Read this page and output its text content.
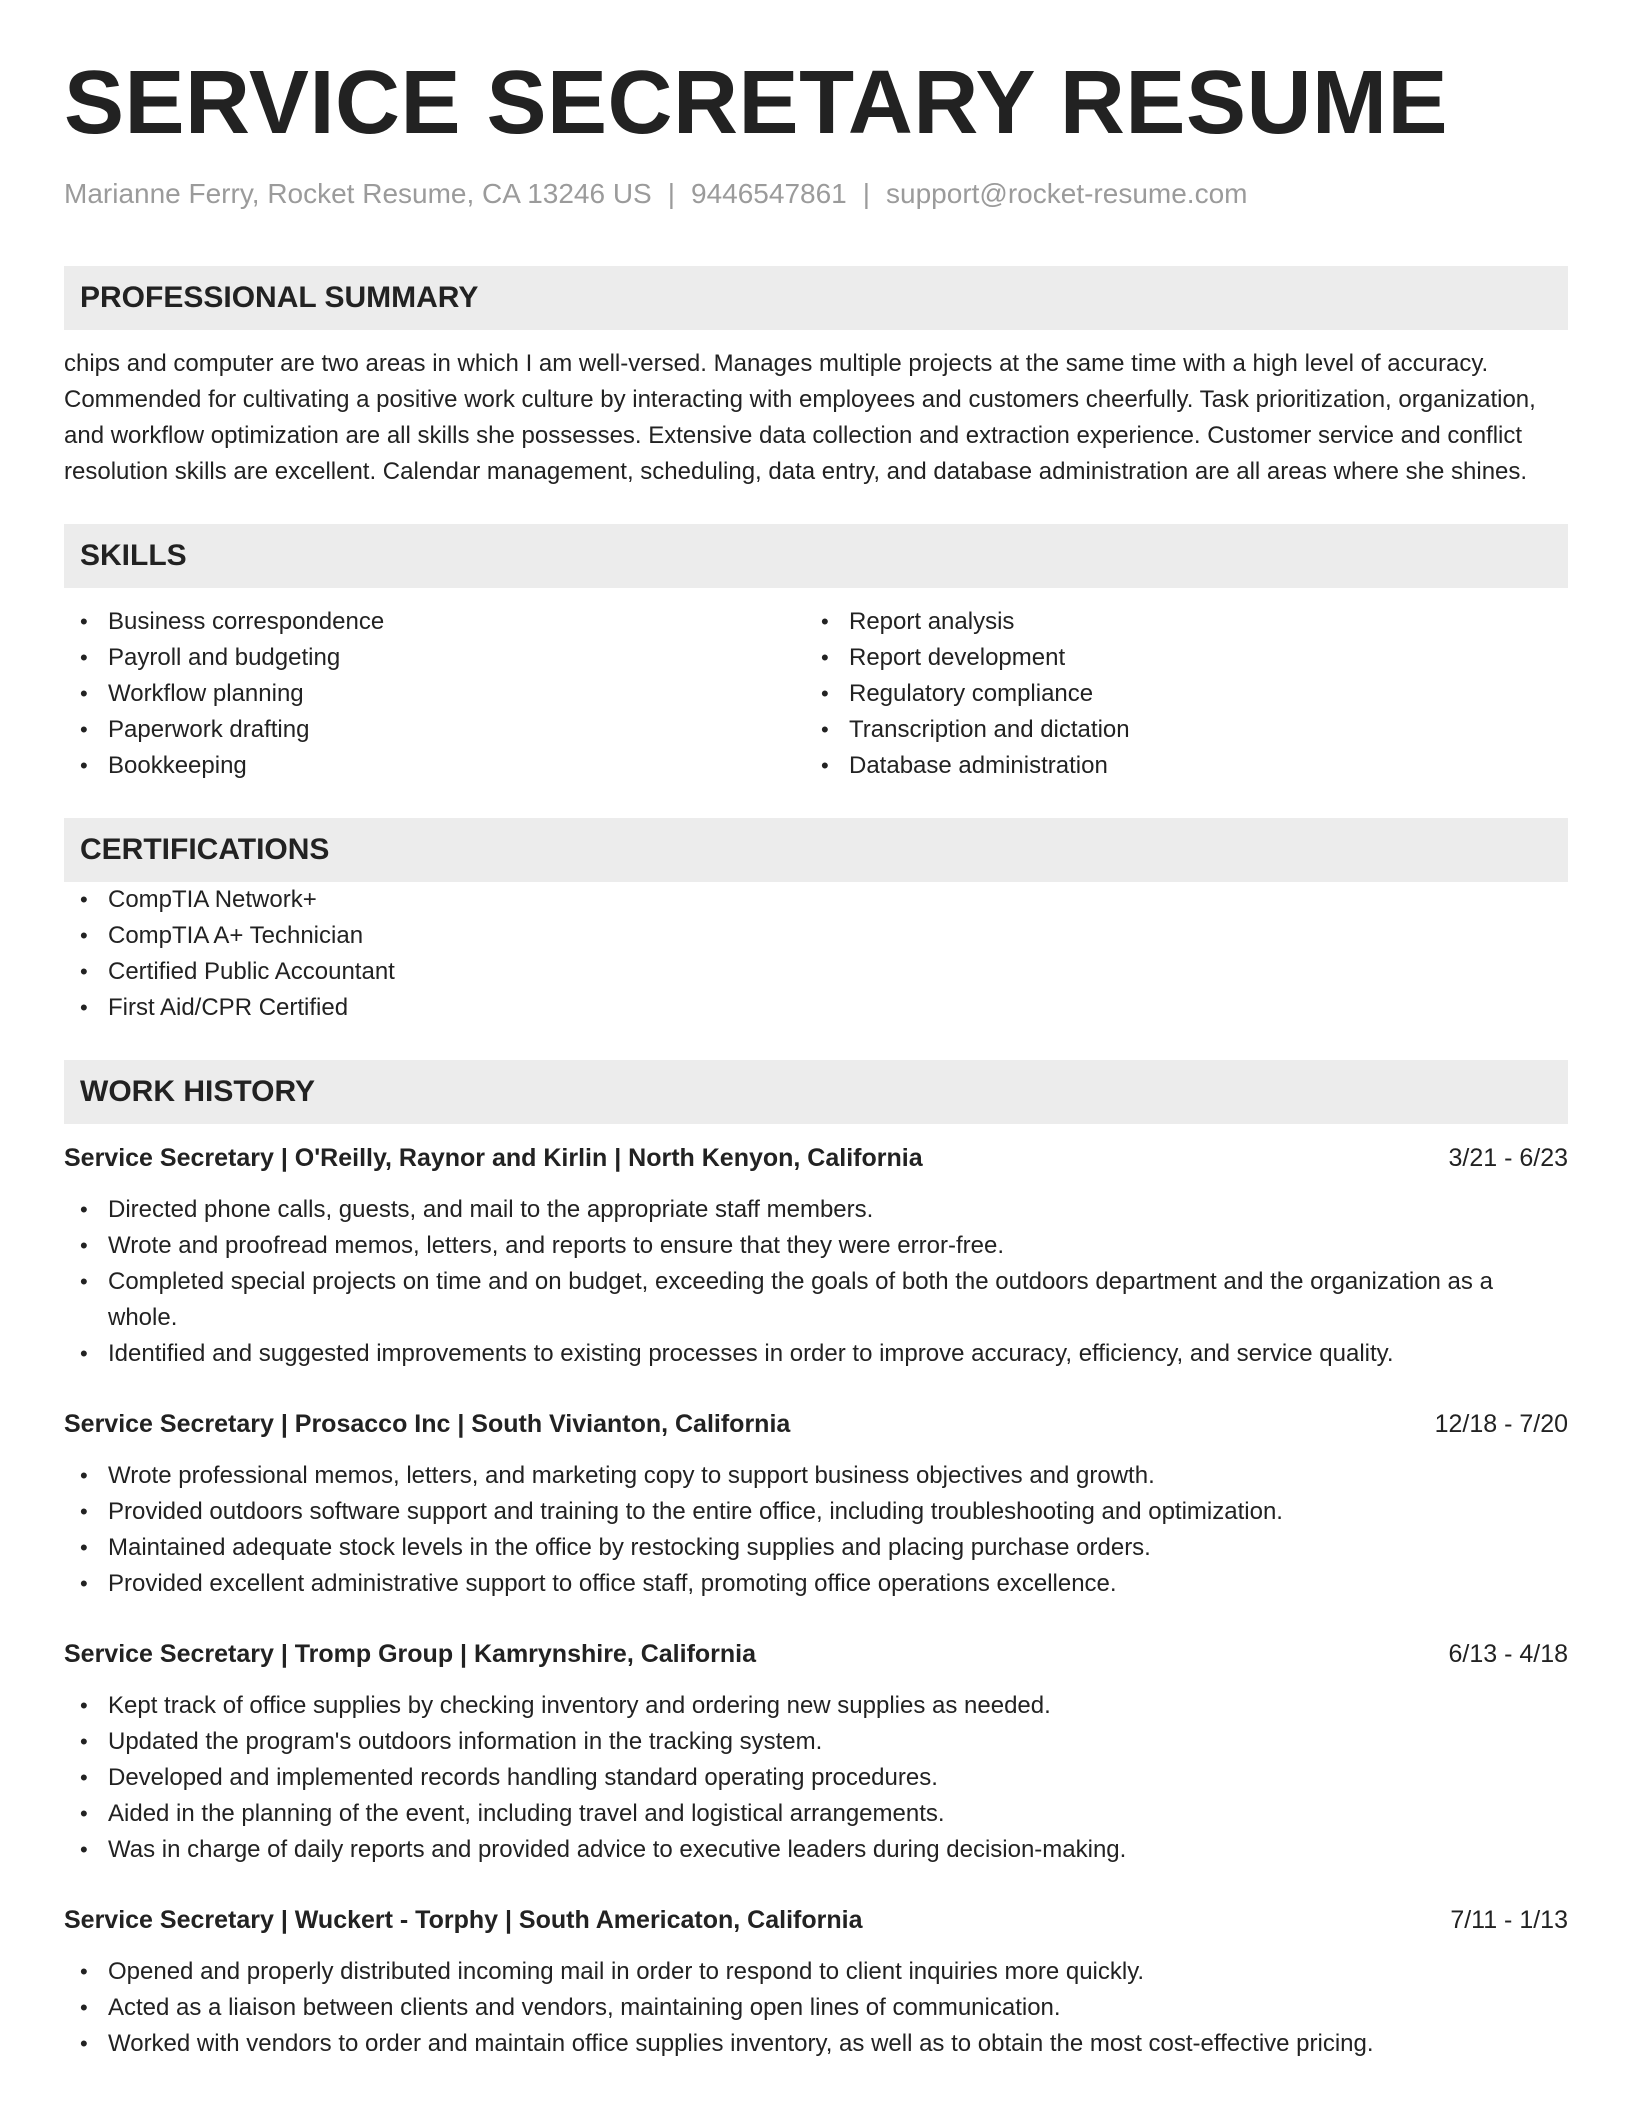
SERVICE SECRETARY RESUME
Marianne Ferry, Rocket Resume, CA 13246 US | 9446547861 | support@rocket-resume.com
PROFESSIONAL SUMMARY

chips and computer are two areas in which I am well-versed. Manages multiple projects at the same time with a high level of accuracy. Commended for cultivating a positive work culture by interacting with employees and customers cheerfully. Task prioritization, organization, and workflow optimization are all skills she possesses. Extensive data collection and extraction experience. Customer service and conflict resolution skills are excellent. Calendar management, scheduling, data entry, and database administration are all areas where she shines.

SKILLS
• Business correspondence
• Payroll and budgeting
• Workflow planning
• Paperwork drafting
• Bookkeeping
• Report analysis
• Report development
• Regulatory compliance
• Transcription and dictation
• Database administration
CERTIFICATIONS
• CompTIA Network+
• CompTIA A+ Technician
• Certified Public Accountant
• First Aid/CPR Certified
WORK HISTORY
Service Secretary | O'Reilly, Raynor and Kirlin | North Kenyon, California	3/21 - 6/23
• Directed phone calls, guests, and mail to the appropriate staff members.
• Wrote and proofread memos, letters, and reports to ensure that they were error-free.
• Completed special projects on time and on budget, exceeding the goals of both the outdoors department and the organization as a whole.
• Identified and suggested improvements to existing processes in order to improve accuracy, efficiency, and service quality.
Service Secretary | Prosacco Inc | South Vivianton, California	12/18 - 7/20
• Wrote professional memos, letters, and marketing copy to support business objectives and growth.
• Provided outdoors software support and training to the entire office, including troubleshooting and optimization.
• Maintained adequate stock levels in the office by restocking supplies and placing purchase orders.
• Provided excellent administrative support to office staff, promoting office operations excellence.
Service Secretary | Tromp Group | Kamrynshire, California	6/13 - 4/18
• Kept track of office supplies by checking inventory and ordering new supplies as needed.
• Updated the program's outdoors information in the tracking system.
• Developed and implemented records handling standard operating procedures.
• Aided in the planning of the event, including travel and logistical arrangements.
• Was in charge of daily reports and provided advice to executive leaders during decision-making.
Service Secretary | Wuckert - Torphy | South Americaton, California	7/11 - 1/13
• Opened and properly distributed incoming mail in order to respond to client inquiries more quickly.
• Acted as a liaison between clients and vendors, maintaining open lines of communication.
• Worked with vendors to order and maintain office supplies inventory, as well as to obtain the most cost-effective pricing.
